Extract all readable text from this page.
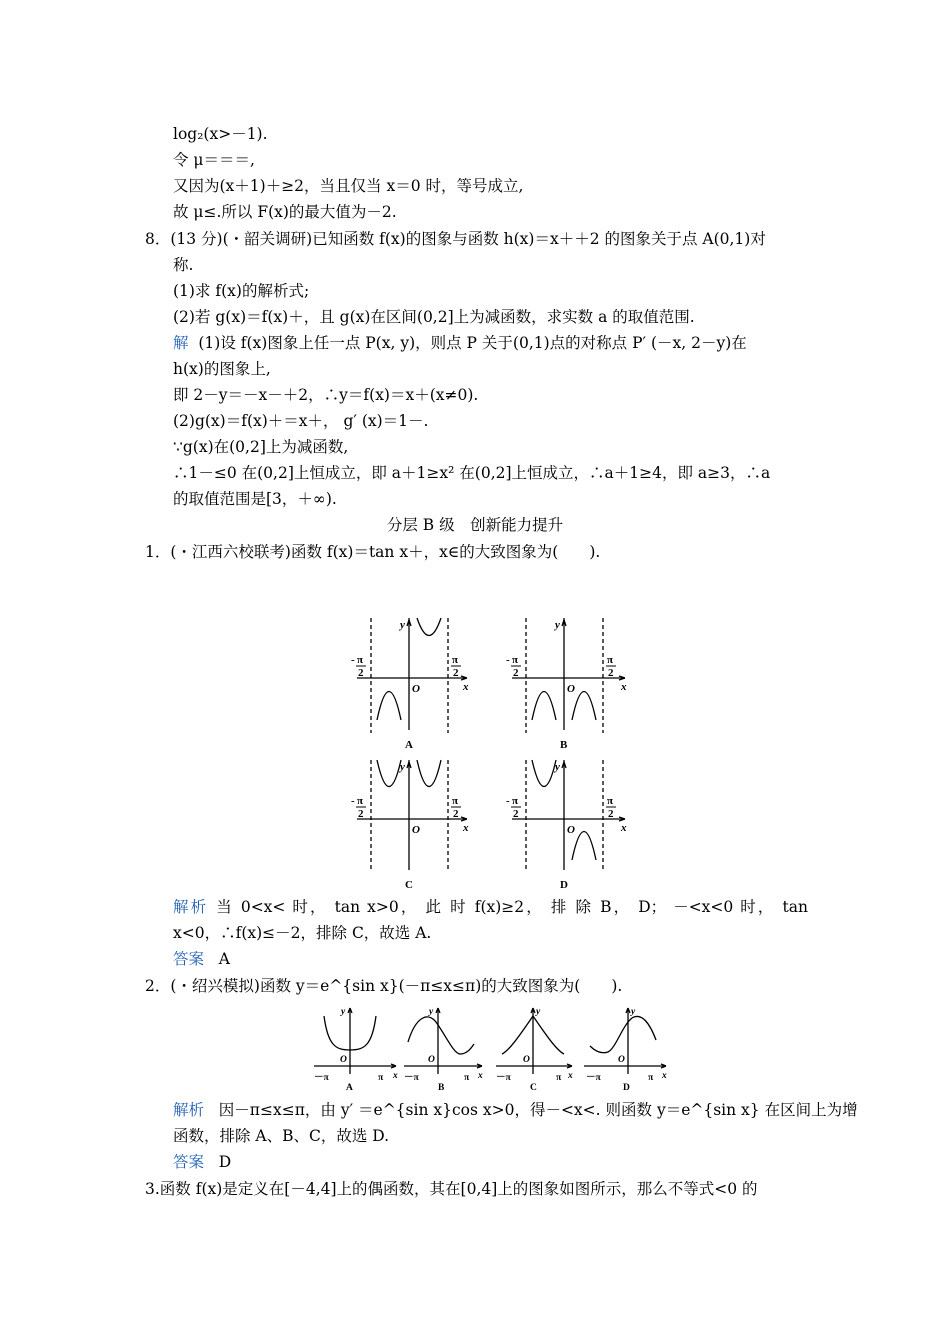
log₂(x>－1).
令 μ＝＝＝,
又因为(x＋1)＋≥2，当且仅当 x＝0 时，等号成立,
故 μ≤.所以 F(x)的最大值为－2.
8．(13 分)(・韶关调研)已知函数 f(x)的图象与函数 h(x)＝x＋＋2 的图象关于点 A(0,1)对
称.
(1)求 f(x)的解析式;
(2)若 g(x)＝f(x)＋，且 g(x)在区间(0,2]上为减函数，求实数 a 的取值范围.
解 (1)设 f(x)图象上任一点 P(x, y)，则点 P 关于(0,1)点的对称点 P′ (－x, 2－y)在
h(x)的图象上,
即 2－y＝－x－＋2，∴y＝f(x)＝x＋(x≠0).
(2)g(x)＝f(x)＋＝x＋， g′ (x)＝1－.
∵g(x)在(0,2]上为减函数,
∴1－≤0 在(0,2]上恒成立，即 a＋1≥x² 在(0,2]上恒成立，∴a＋1≥4，即 a≥3，∴a
的取值范围是[3，＋∞).
分层 B 级　创新能力提升
1．(・江西六校联考)函数 f(x)＝tan x＋，x∈的大致图象为(　　).
y
x
O
- π
2
π
2
A
y
x
O
- π
2
π
2
B
y
x
O
- π
2
π
2
C
y
x
O
- π
2
π
2
D
解析 当 0<x< 时， tan x>0， 此 时 f(x)≥2， 排 除 B， D； －<x<0 时， tan
x<0，∴f(x)≤－2，排除 C，故选 A.
答案 A
2．(・绍兴模拟)函数 y＝e^{sin x}(－π≤x≤π)的大致图象为(　　).
y
x
O
－π	π
A
y
x
O
－π	π
B
y
x
O
－π	π
C
y
x
O
－π	π
D
解析 因－π≤x≤π，由 y′ ＝e^{sin x}cos x>0，得－<x<. 则函数 y＝e^{sin x} 在区间上为增
函数，排除 A、B、C，故选 D.
答案 D
3.函数 f(x)是定义在[－4,4]上的偶函数，其在[0,4]上的图象如图所示，那么不等式<0 的
